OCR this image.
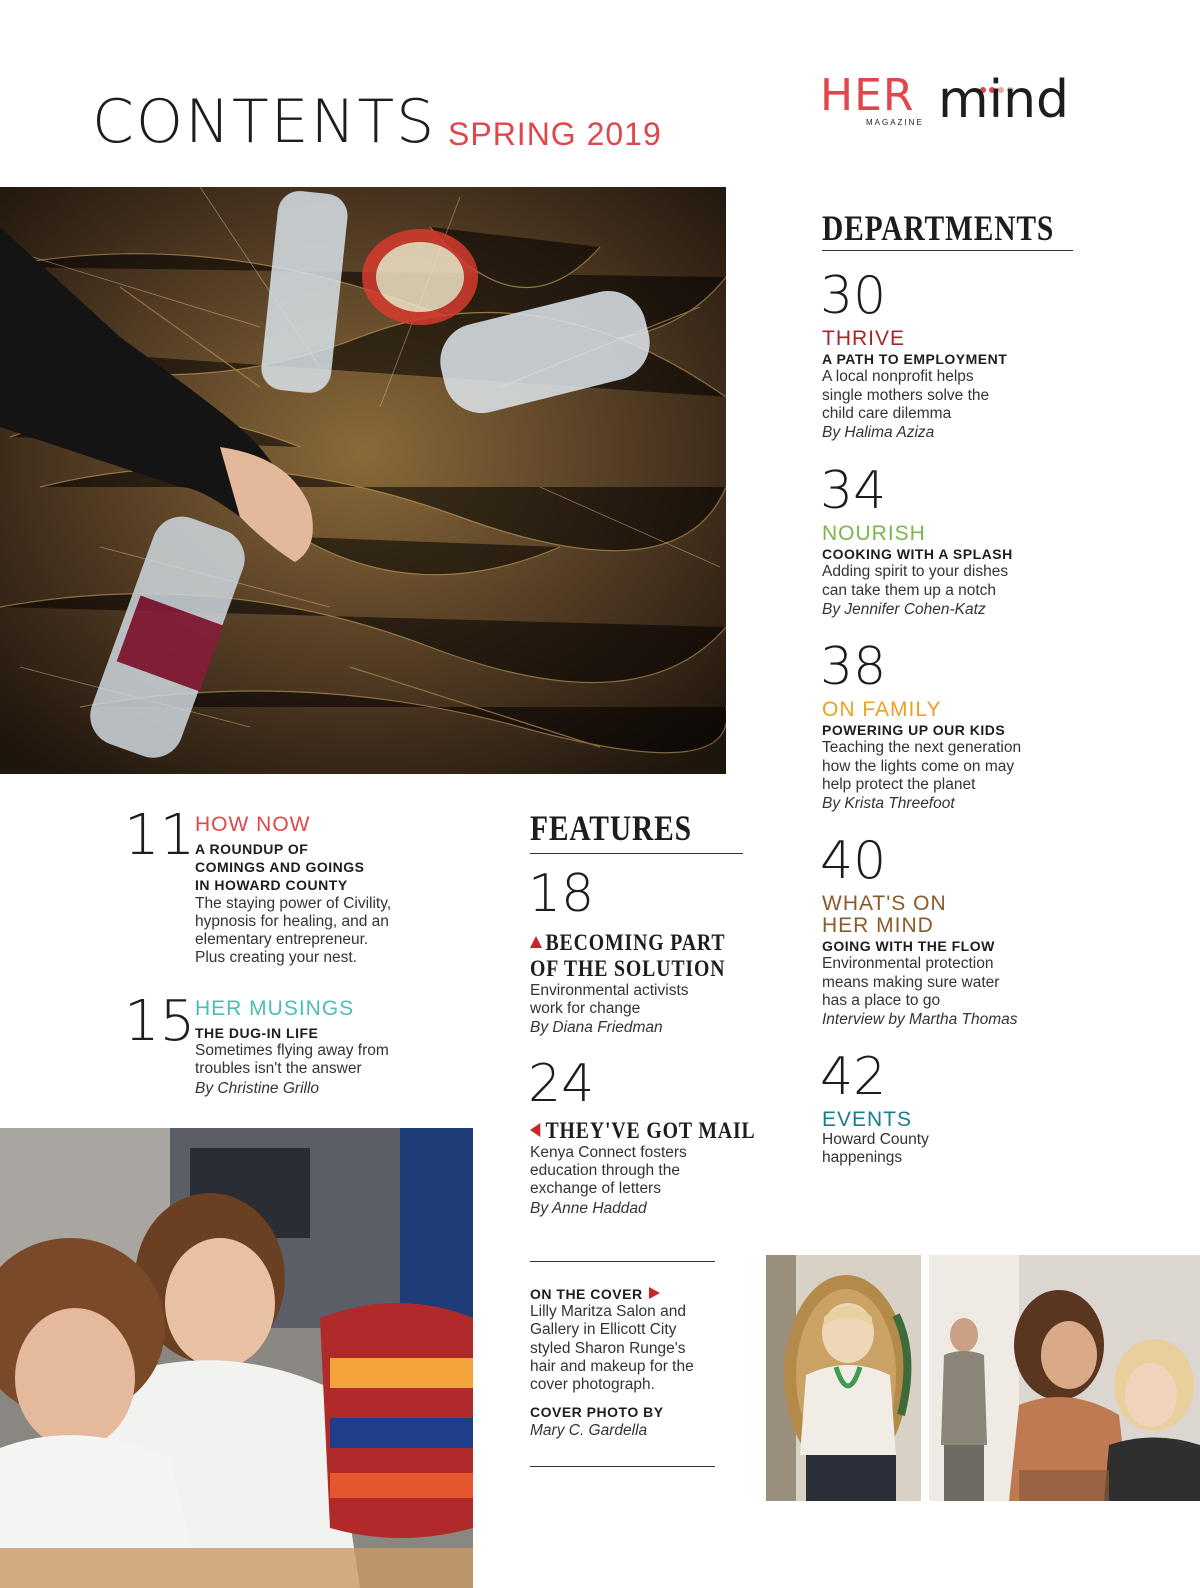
CONTENTS SPRING 2019
HER
MAGAZINE mind
11 HOW NOW
A ROUNDUP OF
COMINGS AND GOINGS
IN HOWARD COUNTY
The staying power of Civility,
hypnosis for healing, and an
elementary entrepreneur.
Plus creating your nest.
15 HER MUSINGS
THE DUG-IN LIFE
Sometimes flying away from
troubles isn't the answer
By Christine Grillo
FEATURES
18
BECOMING PART
OF THE SOLUTION
Environmental activists
work for change
By Diana Friedman
24
THEY'VE GOT MAIL
Kenya Connect fosters
education through the
exchange of letters
By Anne Haddad
ON THE COVER
Lilly Maritza Salon and
Gallery in Ellicott City
styled Sharon Runge's
hair and makeup for the
cover photograph.
COVER PHOTO BY
Mary C. Gardella
DEPARTMENTS
30
THRIVE
A PATH TO EMPLOYMENT
A local nonprofit helps
single mothers solve the
child care dilemma
By Halima Aziza
34
NOURISH
COOKING WITH A SPLASH
Adding spirit to your dishes
can take them up a notch
By Jennifer Cohen-Katz
38
ON FAMILY
POWERING UP OUR KIDS
Teaching the next generation
how the lights come on may
help protect the planet
By Krista Threefoot
40
WHAT'S ON
HER MIND
GOING WITH THE FLOW
Environmental protection
means making sure water
has a place to go
Interview by Martha Thomas
42
EVENTS
Howard County
happenings
